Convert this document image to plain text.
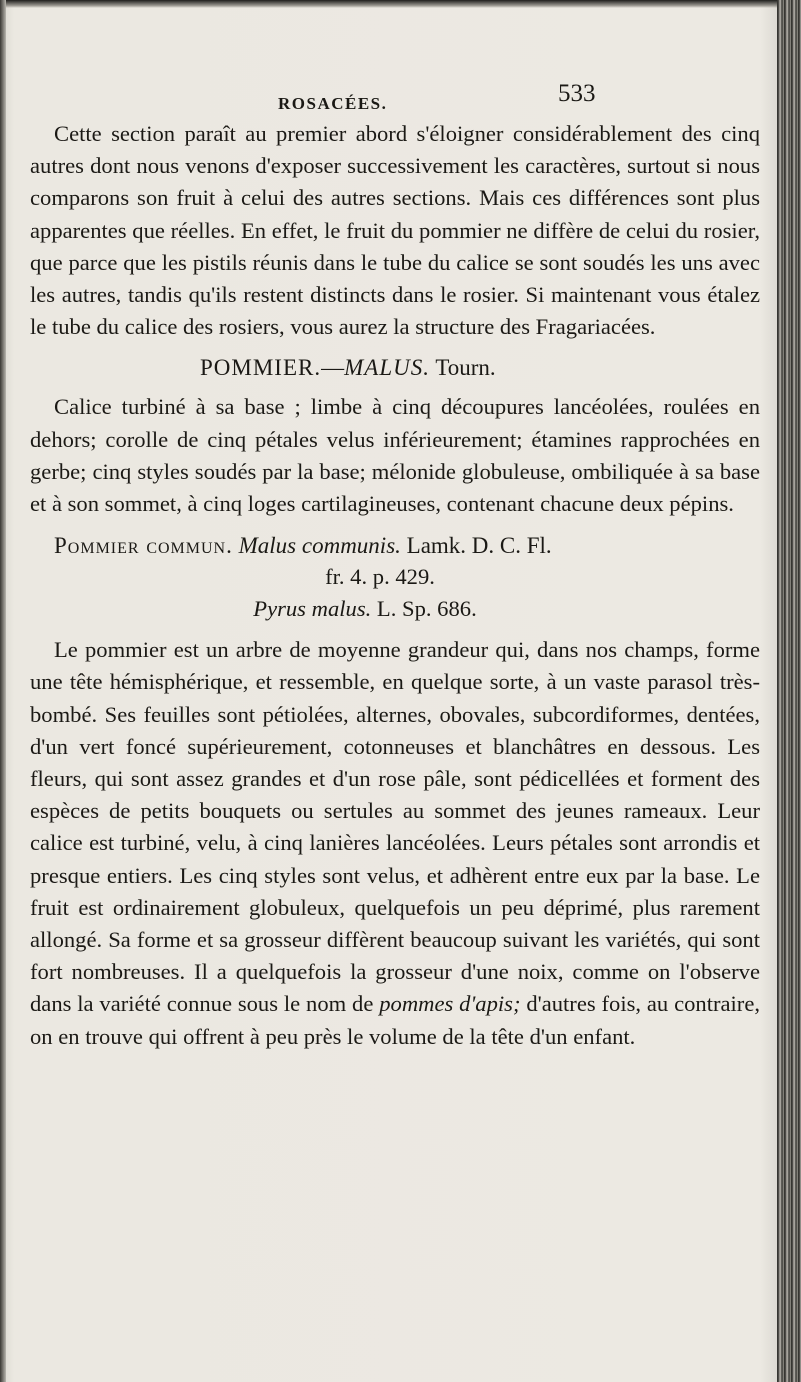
ROSACÉES.	533

Cette section paraît au premier abord s'éloigner considérablement des cinq autres dont nous venons d'exposer successivement les caractères, surtout si nous comparons son fruit à celui des autres sections. Mais ces différences sont plus apparentes que réelles. En effet, le fruit du pommier ne diffère de celui du rosier, que parce que les pistils réunis dans le tube du calice se sont soudés les uns avec les autres, tandis qu'ils restent distincts dans le rosier. Si maintenant vous étalez le tube du calice des rosiers, vous aurez la structure des Fragariacées.

POMMIER.—MALUS. Tourn.

Calice turbiné à sa base ; limbe à cinq découpures lancéolées, roulées en dehors; corolle de cinq pétales velus inférieurement; étamines rapprochées en gerbe; cinq styles soudés par la base; mélonide globuleuse, ombiliquée à sa base et à son sommet, à cinq loges cartilagineuses, contenant chacune deux pépins.

Pommier commun. Malus communis. Lamk. D. C. Fl.

fr. 4. p. 429.
Pyrus malus. L. Sp. 686.

Le pommier est un arbre de moyenne grandeur qui, dans nos champs, forme une tête hémisphérique, et ressemble, en quelque sorte, à un vaste parasol très-bombé. Ses feuilles sont pétiolées, alternes, obovales, subcordiformes, dentées, d'un vert foncé supérieurement, cotonneuses et blanchâtres en dessous. Les fleurs, qui sont assez grandes et d'un rose pâle, sont pédicellées et forment des espèces de petits bouquets ou sertules au sommet des jeunes rameaux. Leur calice est turbiné, velu, à cinq lanières lancéolées. Leurs pétales sont arrondis et presque entiers. Les cinq styles sont velus, et adhèrent entre eux par la base. Le fruit est ordinairement globuleux, quelquefois un peu déprimé, plus rarement allongé. Sa forme et sa grosseur diffèrent beaucoup suivant les variétés, qui sont fort nombreuses. Il a quelquefois la grosseur d'une noix, comme on l'observe dans la variété connue sous le nom de pommes d'apis; d'autres fois, au contraire, on en trouve qui offrent à peu près le volume de la tête d'un enfant.
